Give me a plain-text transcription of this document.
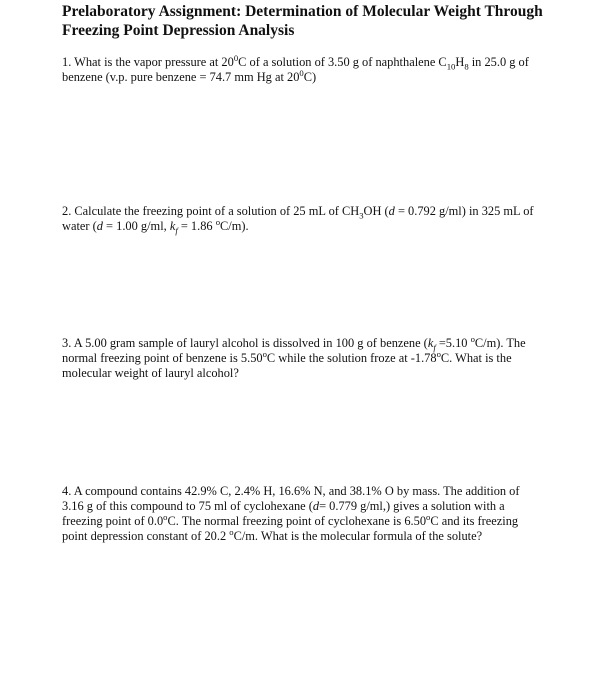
Prelaboratory Assignment: Determination of Molecular Weight Through
Freezing Point Depression Analysis
1. What is the vapor pressure at $20^0C$ of a solution of 3.50 g of naphthalene $C_{10}H_8$ in 25.0 g of
benzene (v.p. pure benzene = 74.7 mm Hg at $20^0C$)
2. Calculate the freezing point of a solution of 25 mL of $CH_3OH$ (d = 0.792 g/ml) in 325 mL of
water (d = 1.00 g/ml, $k_f = 1.86$ $^o$C/m).
3. A 5.00 gram sample of lauryl alcohol is dissolved in 100 g of benzene ($k_f =5.10$ $^o$C/m). The
normal freezing point of benzene is 5.50$^o$C while the solution froze at -1.78$^o$C. What is the
molecular weight of lauryl alcohol?
4. A compound contains 42.9% C, 2.4% H, 16.6% N, and 38.1% O by mass. The addition of
3.16 g of this compound to 75 ml of cyclohexane (d= 0.779 g/ml,) gives a solution with a
freezing point of 0.0$^o$C. The normal freezing point of cyclohexane is 6.50$^o$C and its freezing
point depression constant of 20.2 $^o$C/m. What is the molecular formula of the solute?
